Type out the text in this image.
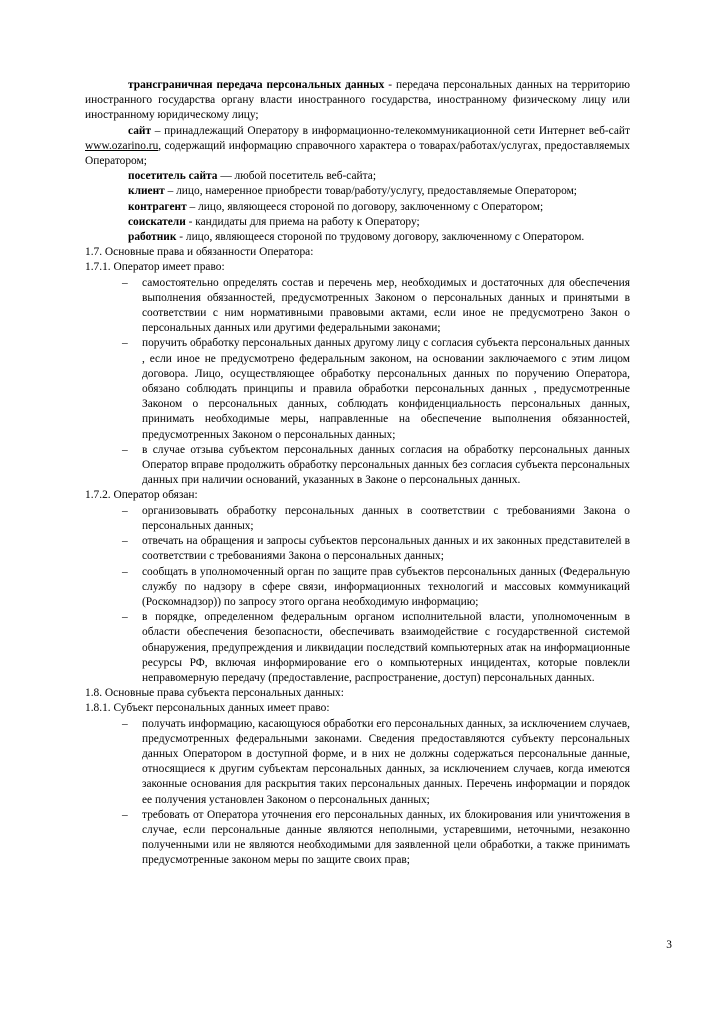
трансграничная передача персональных данных - передача персональных данных на территорию иностранного государства органу власти иностранного государства, иностранному физическому лицу или иностранному юридическому лицу;

сайт – принадлежащий Оператору в информационно-телекоммуникационной сети Интернет веб-сайт www.ozarino.ru, содержащий информацию справочного характера о товарах/работах/услугах, предоставляемых Оператором;

посетитель сайта — любой посетитель веб-сайта;

клиент – лицо, намеренное приобрести товар/работу/услугу, предоставляемые Оператором;

контрагент – лицо, являющееся стороной по договору, заключенному с Оператором;

соискатели - кандидаты для приема на работу к Оператору;

работник - лицо, являющееся стороной по трудовому договору, заключенному с Оператором.

1.7. Основные права и обязанности Оператора:

1.7.1. Оператор имеет право:

– самостоятельно определять состав и перечень мер, необходимых и достаточных для обеспечения выполнения обязанностей, предусмотренных Законом о персональных данных и принятыми в соответствии с ним нормативными правовыми актами, если иное не предусмотрено Закон о персональных данных или другими федеральными законами;
– поручить обработку персональных данных другому лицу с согласия субъекта персональных данных , если иное не предусмотрено федеральным законом, на основании заключаемого с этим лицом договора. Лицо, осуществляющее обработку персональных данных по поручению Оператора, обязано соблюдать принципы и правила обработки персональных данных , предусмотренные Законом о персональных данных, соблюдать конфиденциальность персональных данных, принимать необходимые меры, направленные на обеспечение выполнения обязанностей, предусмотренных Законом о персональных данных;
– в случае отзыва субъектом персональных данных согласия на обработку персональных данных Оператор вправе продолжить обработку персональных данных без согласия субъекта персональных данных при наличии оснований, указанных в Законе о персональных данных.

1.7.2. Оператор обязан:

– организовывать обработку персональных данных в соответствии с требованиями Закона о персональных данных;
– отвечать на обращения и запросы субъектов персональных данных и их законных представителей в соответствии с требованиями Закона о персональных данных;
– сообщать в уполномоченный орган по защите прав субъектов персональных данных (Федеральную службу по надзору в сфере связи, информационных технологий и массовых коммуникаций (Роскомнадзор)) по запросу этого органа необходимую информацию;
– в порядке, определенном федеральным органом исполнительной власти, уполномоченным в области обеспечения безопасности, обеспечивать взаимодействие с государственной системой обнаружения, предупреждения и ликвидации последствий компьютерных атак на информационные ресурсы РФ, включая информирование его о компьютерных инцидентах, которые повлекли неправомерную передачу (предоставление, распространение, доступ) персональных данных.

1.8. Основные права субъекта персональных данных:

1.8.1. Субъект персональных данных имеет право:

– получать информацию, касающуюся обработки его персональных данных, за исключением случаев, предусмотренных федеральными законами. Сведения предоставляются субъекту персональных данных Оператором в доступной форме, и в них не должны содержаться персональные данные, относящиеся к другим субъектам персональных данных, за исключением случаев, когда имеются законные основания для раскрытия таких персональных данных. Перечень информации и порядок ее получения установлен Законом о персональных данных;
– требовать от Оператора уточнения его персональных данных, их блокирования или уничтожения в случае, если персональные данные являются неполными, устаревшими, неточными, незаконно полученными или не являются необходимыми для заявленной цели обработки, а также принимать предусмотренные законом меры по защите своих прав;
3
